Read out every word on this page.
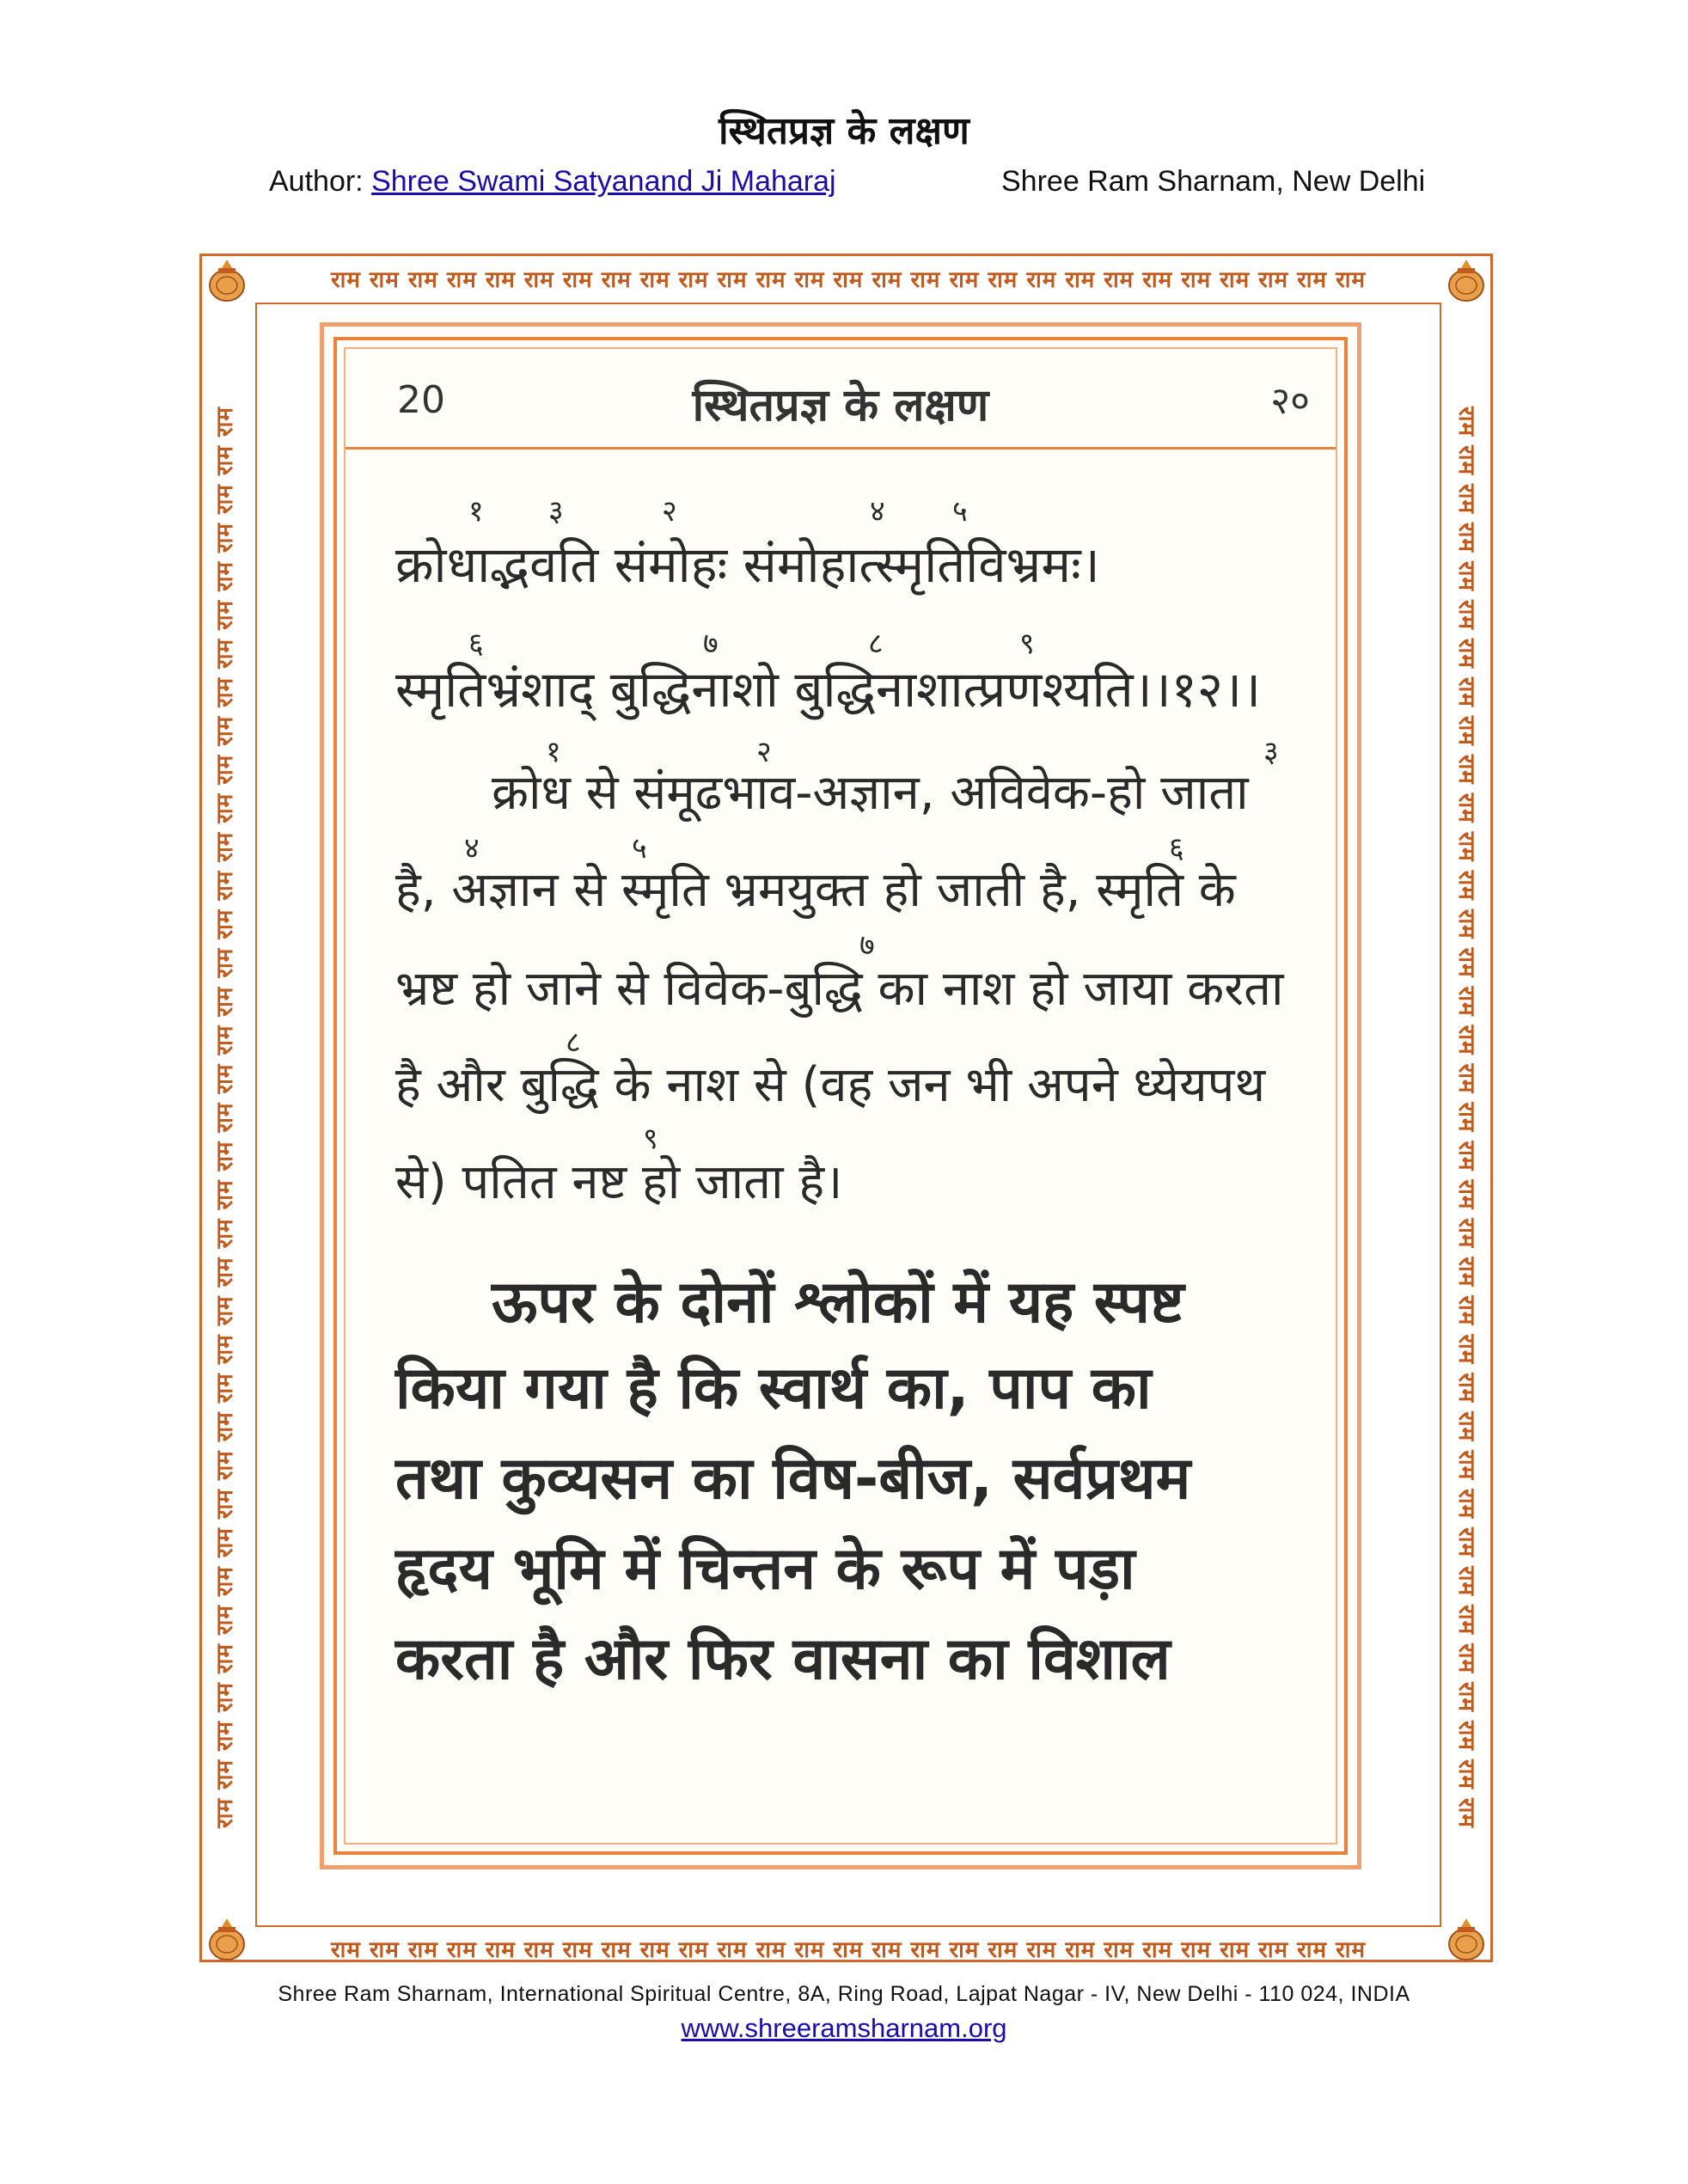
स्थितप्रज्ञ के लक्षण
Author: Shree Swami Satyanand Ji Maharaj	Shree Ram Sharnam, New Delhi
राम राम राम राम राम राम राम राम राम राम राम राम राम राम राम राम राम राम राम राम राम राम राम राम राम राम राम
राम राम राम राम राम राम राम राम राम राम राम राम राम राम राम राम राम राम राम राम राम राम राम राम राम राम राम
राम राम राम राम राम राम राम राम राम राम राम राम राम राम राम राम राम राम राम राम राम राम राम राम राम राम राम राम राम राम राम राम राम राम राम राम राम	राम राम राम राम राम राम राम राम राम राम राम राम राम राम राम राम राम राम राम राम राम राम राम राम राम राम राम राम राम राम राम राम राम राम राम राम राम
20	स्थितप्रज्ञ के लक्षण	२०
१ ३	२	४ ५
क्रोधाद्भवति संमोहः संमोहात्स्मृतिविभ्रमः।
६	७	८	९
स्मृतिभ्रंशाद् बुद्धिनाशो बुद्धिनाशात्प्रणश्यति।।१२।।
१	२	३
क्रोध से संमूढभाव-अज्ञान, अविवेक-हो जाता
४	५	६
है, अज्ञान से स्मृति भ्रमयुक्त हो जाती है, स्मृति के
७
भ्रष्ट हो जाने से विवेक-बुद्धि का नाश हो जाया करता
८
है और बुद्धि के नाश से (वह जन भी अपने ध्येयपथ
९
से) पतित नष्ट हो जाता है।
ऊपर के दोनों श्लोकों में यह स्पष्ट
किया गया है कि स्वार्थ का, पाप का
तथा कुव्यसन का विष-बीज, सर्वप्रथम
हृदय भूमि में चिन्तन के रूप में पड़ा
करता है और फिर वासना का विशाल
Shree Ram Sharnam, International Spiritual Centre, 8A, Ring Road, Lajpat Nagar - IV, New Delhi - 110 024, INDIA
www.shreeramsharnam.org
